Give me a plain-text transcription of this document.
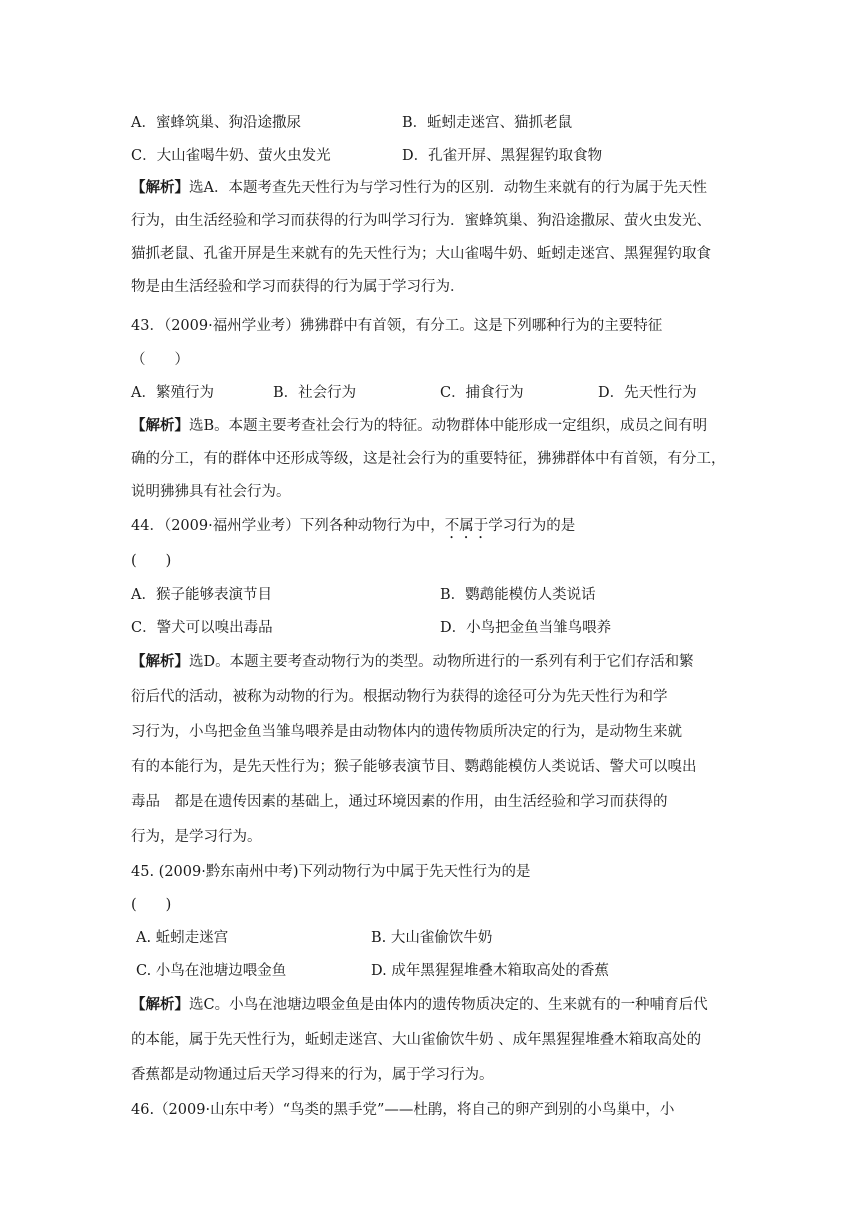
A．蜜蜂筑巢、狗沿途撒尿	B．蚯蚓走迷宫、猫抓老鼠
C．大山雀喝牛奶、萤火虫发光	D．孔雀开屏、黑猩猩钓取食物
【解析】选A．本题考查先天性行为与学习性行为的区别．动物生来就有的行为属于先天性
行为，由生活经验和学习而获得的行为叫学习行为．蜜蜂筑巢、狗沿途撒尿、萤火虫发光、
猫抓老鼠、孔雀开屏是生来就有的先天性行为；大山雀喝牛奶、蚯蚓走迷宫、黑猩猩钓取食
物是由生活经验和学习而获得的行为属于学习行为．
43．（2009·福州学业考）狒狒群中有首领，有分工。这是下列哪种行为的主要特征
（　　）
A．繁殖行为	B．社会行为	C．捕食行为	D．先天性行为
【解析】选B。本题主要考查社会行为的特征。动物群体中能形成一定组织，成员之间有明
确的分工，有的群体中还形成等级，这是社会行为的重要特征，狒狒群体中有首领，有分工，
说明狒狒具有社会行为。
44．（2009·福州学业考）下列各种动物行为中，不属于学习行为的是
(　　)
A．猴子能够表演节目	B．鹦鹉能模仿人类说话
C．警犬可以嗅出毒品	D．小鸟把金鱼当雏鸟喂养
【解析】选D。本题主要考查动物行为的类型。动物所进行的一系列有利于它们存活和繁
衍后代的活动，被称为动物的行为。根据动物行为获得的途径可分为先天性行为和学
习行为，小鸟把金鱼当雏鸟喂养是由动物体内的遗传物质所决定的行为，是动物生来就
有的本能行为，是先天性行为；猴子能够表演节目、鹦鹉能模仿人类说话、警犬可以嗅出
毒品　都是在遗传因素的基础上，通过环境因素的作用，由生活经验和学习而获得的
行为，是学习行为。
45. (2009·黔东南州中考)下列动物行为中属于先天性行为的是
(　　)
A. 蚯蚓走迷宫	B. 大山雀偷饮牛奶
C. 小鸟在池塘边喂金鱼	D. 成年黑猩猩堆叠木箱取高处的香蕉
【解析】选C。小鸟在池塘边喂金鱼是由体内的遗传物质决定的、生来就有的一种哺育后代
的本能，属于先天性行为，蚯蚓走迷宫、大山雀偷饮牛奶 、成年黑猩猩堆叠木箱取高处的
香蕉都是动物通过后天学习得来的行为，属于学习行为。
46.（2009·山东中考）“鸟类的黑手党”——杜鹃，将自己的卵产到别的小鸟巢中，小
